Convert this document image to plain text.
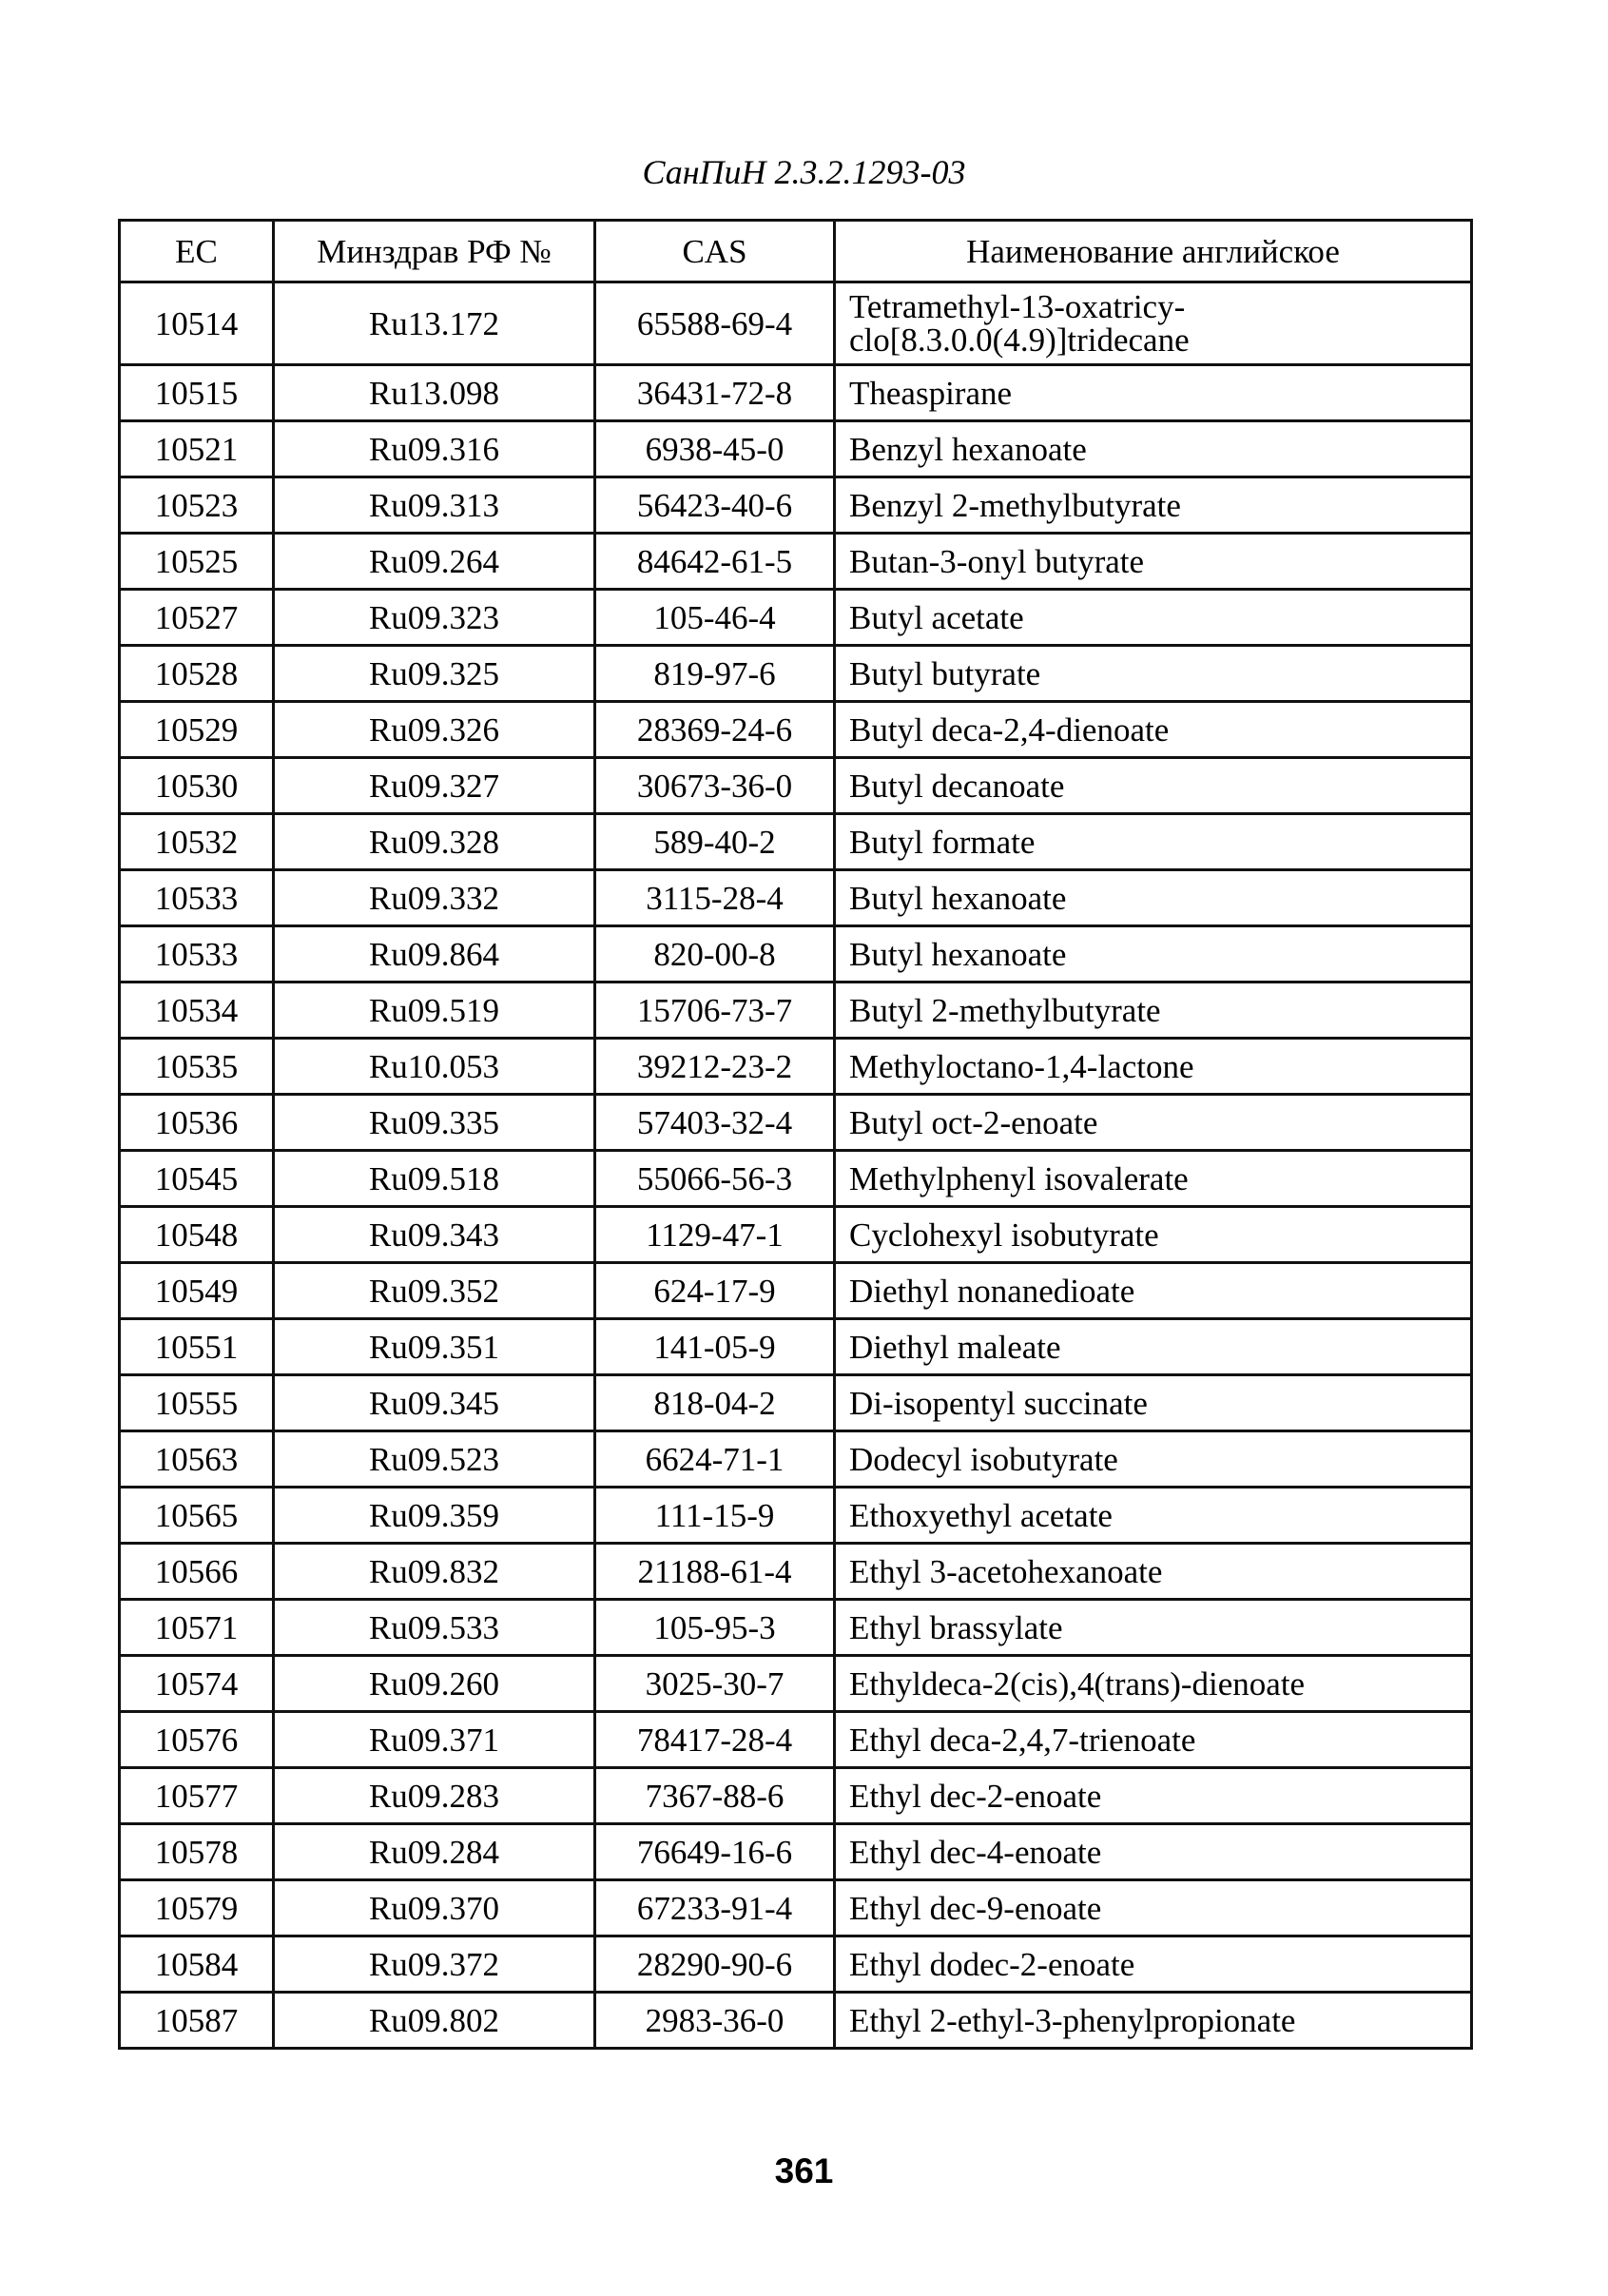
СанПиН 2.3.2.1293-03
EC	Минздрав РФ №	CAS	Наименование английское
10514	Ru13.172	65588-69-4	Tetramethyl-13-oxatricy-clo[8.3.0.0(4.9)]tridecane
10515	Ru13.098	36431-72-8	Theaspirane
10521	Ru09.316	6938-45-0	Benzyl hexanoate
10523	Ru09.313	56423-40-6	Benzyl 2-methylbutyrate
10525	Ru09.264	84642-61-5	Butan-3-onyl butyrate
10527	Ru09.323	105-46-4	Butyl acetate
10528	Ru09.325	819-97-6	Butyl butyrate
10529	Ru09.326	28369-24-6	Butyl deca-2,4-dienoate
10530	Ru09.327	30673-36-0	Butyl decanoate
10532	Ru09.328	589-40-2	Butyl formate
10533	Ru09.332	3115-28-4	Butyl hexanoate
10533	Ru09.864	820-00-8	Butyl hexanoate
10534	Ru09.519	15706-73-7	Butyl 2-methylbutyrate
10535	Ru10.053	39212-23-2	Methyloctano-1,4-lactone
10536	Ru09.335	57403-32-4	Butyl oct-2-enoate
10545	Ru09.518	55066-56-3	Methylphenyl isovalerate
10548	Ru09.343	1129-47-1	Cyclohexyl isobutyrate
10549	Ru09.352	624-17-9	Diethyl nonanedioate
10551	Ru09.351	141-05-9	Diethyl maleate
10555	Ru09.345	818-04-2	Di-isopentyl succinate
10563	Ru09.523	6624-71-1	Dodecyl isobutyrate
10565	Ru09.359	111-15-9	Ethoxyethyl acetate
10566	Ru09.832	21188-61-4	Ethyl 3-acetohexanoate
10571	Ru09.533	105-95-3	Ethyl brassylate
10574	Ru09.260	3025-30-7	Ethyldeca-2(cis),4(trans)-dienoate
10576	Ru09.371	78417-28-4	Ethyl deca-2,4,7-trienoate
10577	Ru09.283	7367-88-6	Ethyl dec-2-enoate
10578	Ru09.284	76649-16-6	Ethyl dec-4-enoate
10579	Ru09.370	67233-91-4	Ethyl dec-9-enoate
10584	Ru09.372	28290-90-6	Ethyl dodec-2-enoate
10587	Ru09.802	2983-36-0	Ethyl 2-ethyl-3-phenylpropionate
361
